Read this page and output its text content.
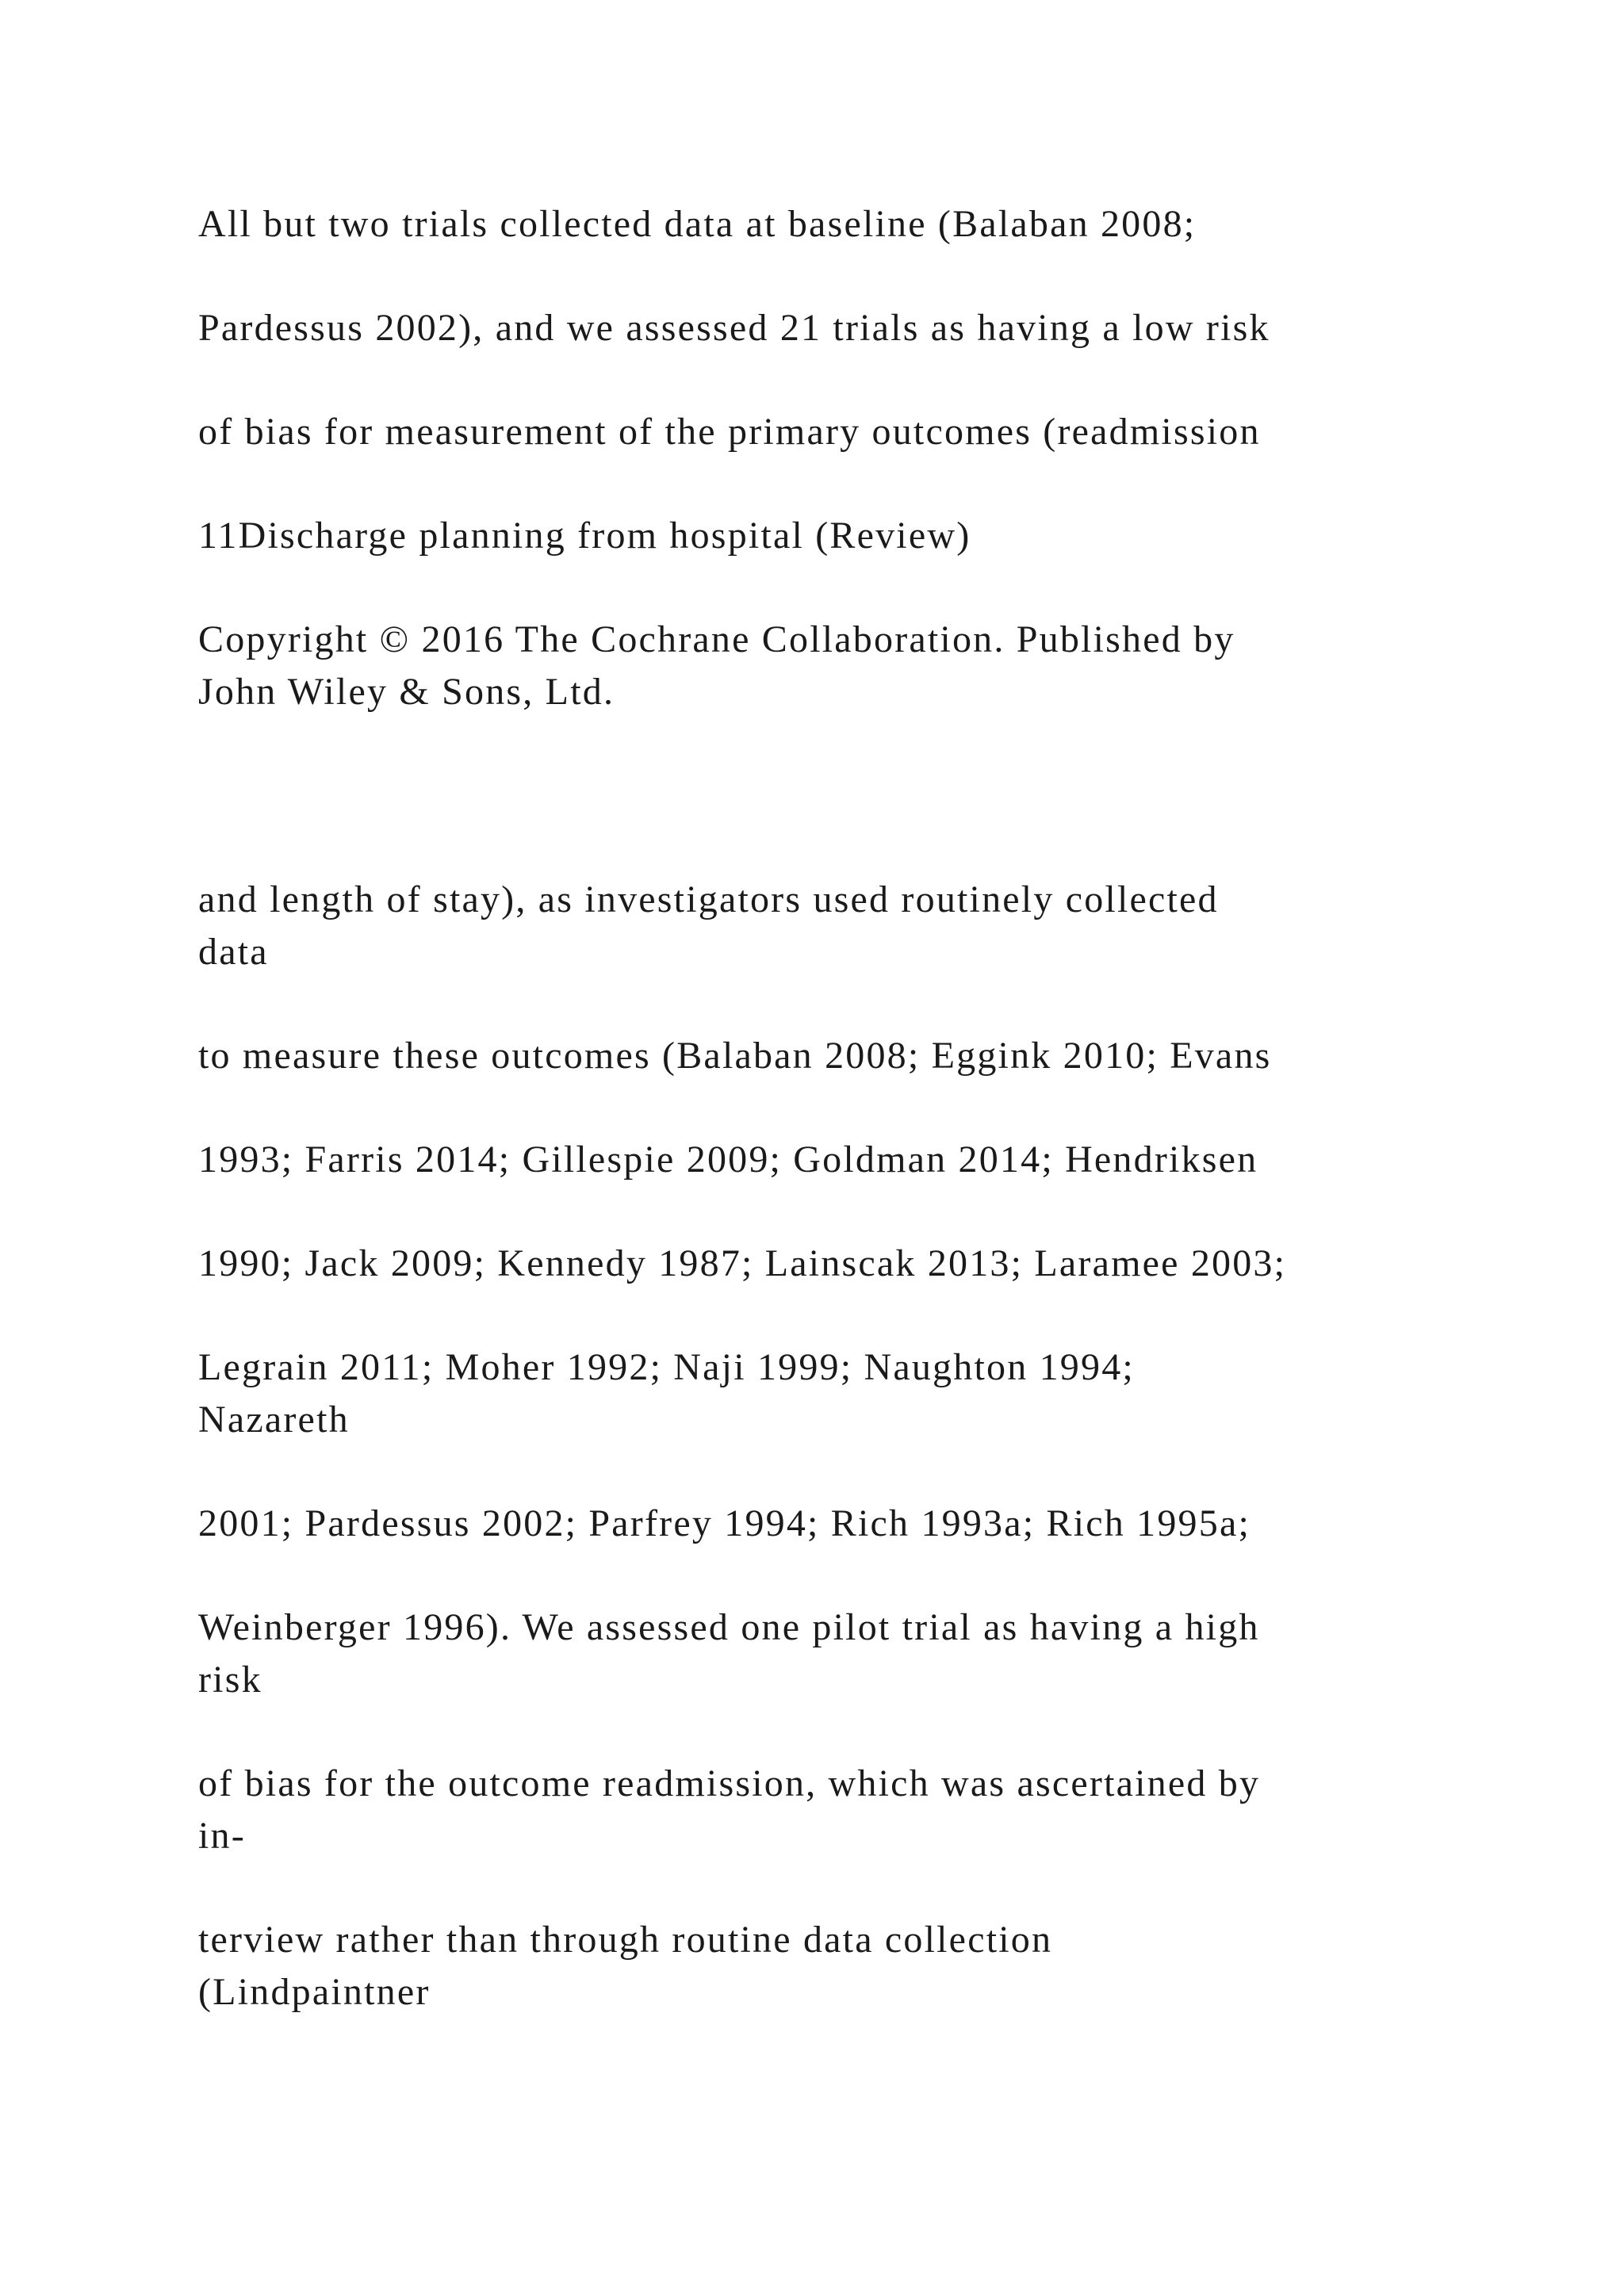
All but two trials collected data at baseline (Balaban 2008;

Pardessus 2002), and we assessed 21 trials as having a low risk

of bias for measurement of the primary outcomes (readmission

11Discharge planning from hospital (Review)

Copyright © 2016 The Cochrane Collaboration. Published by
John Wiley & Sons, Ltd.

and length of stay), as investigators used routinely collected
data

to measure these outcomes (Balaban 2008; Eggink 2010; Evans

1993; Farris 2014; Gillespie 2009; Goldman 2014; Hendriksen

1990; Jack 2009; Kennedy 1987; Lainscak 2013; Laramee 2003;

Legrain 2011; Moher 1992; Naji 1999; Naughton 1994;
Nazareth

2001; Pardessus 2002; Parfrey 1994; Rich 1993a; Rich 1995a;

Weinberger 1996). We assessed one pilot trial as having a high
risk

of bias for the outcome readmission, which was ascertained by
in-

terview rather than through routine data collection
(Lindpaintner
